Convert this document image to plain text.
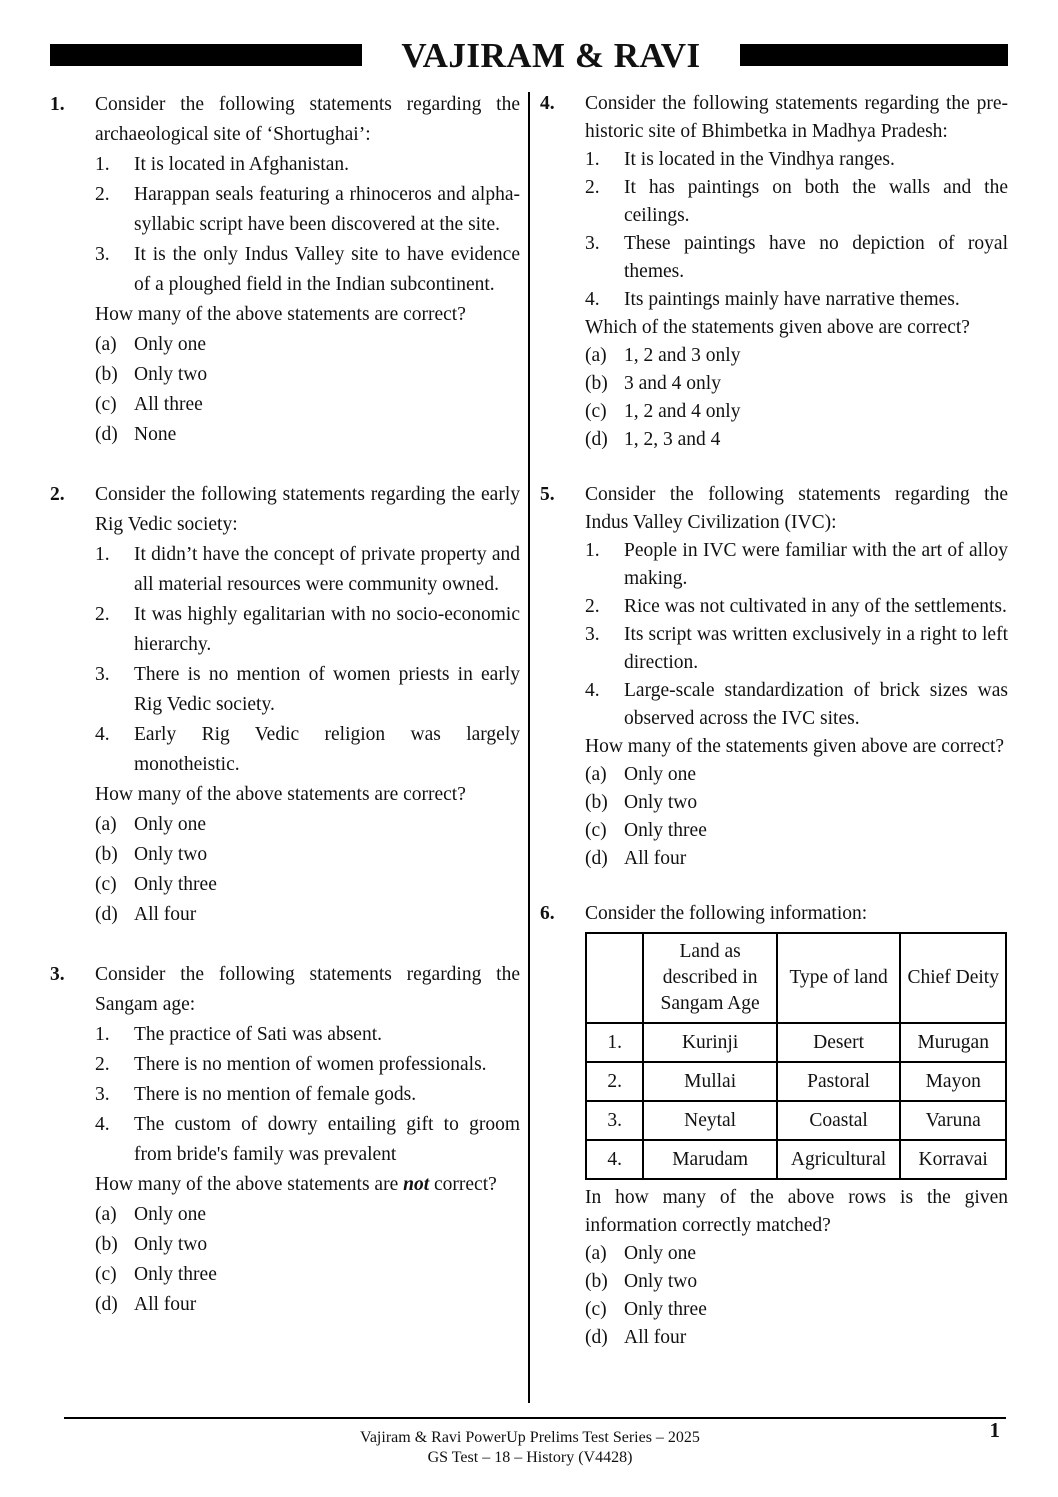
VAJIRAM & RAVI
1.	Consider the following statements regarding the archaeological site of ‘Shortughai’:
1.	It is located in Afghanistan.
2.	Harappan seals featuring a rhinoceros and alpha-syllabic script have been discovered at the site.
3.	It is the only Indus Valley site to have evidence of a ploughed field in the Indian subcontinent.
How many of the above statements are correct?
(a) Only one
(b) Only two
(c) All three
(d) None
2.	Consider the following statements regarding the early Rig Vedic society:
1.	It didn’t have the concept of private property and all material resources were community owned.
2.	It was highly egalitarian with no socio-economic hierarchy.
3.	There is no mention of women priests in early Rig Vedic society.
4.	Early Rig Vedic religion was largely monotheistic.
How many of the above statements are correct?
(a) Only one
(b) Only two
(c) Only three
(d) All four
3.	Consider the following statements regarding the Sangam age:
1.	The practice of Sati was absent.
2.	There is no mention of women professionals.
3.	There is no mention of female gods.
4.	The custom of dowry entailing gift to groom from bride's family was prevalent
How many of the above statements are not correct?
(a) Only one
(b) Only two
(c) Only three
(d) All four
4.	Consider the following statements regarding the pre-historic site of Bhimbetka in Madhya Pradesh:
1.	It is located in the Vindhya ranges.
2.	It has paintings on both the walls and the ceilings.
3.	These paintings have no depiction of royal themes.
4.	Its paintings mainly have narrative themes.
Which of the statements given above are correct?
(a) 1, 2 and 3 only
(b) 3 and 4 only
(c) 1, 2 and 4 only
(d) 1, 2, 3 and 4
5.	Consider the following statements regarding the Indus Valley Civilization (IVC):
1.	People in IVC were familiar with the art of alloy making.
2.	Rice was not cultivated in any of the settlements.
3.	Its script was written exclusively in a right to left direction.
4.	Large-scale standardization of brick sizes was observed across the IVC sites.
How many of the statements given above are correct?
(a) Only one
(b) Only two
(c) Only three
(d) All four
6.	Consider the following information:
	Land as described in Sangam Age	Type of land	Chief Deity
1.	Kurinji	Desert	Murugan
2.	Mullai	Pastoral	Mayon
3.	Neytal	Coastal	Varuna
4.	Marudam	Agricultural	Korravai
In how many of the above rows is the given information correctly matched?
(a) Only one
(b) Only two
(c) Only three
(d) All four
Vajiram & Ravi PowerUp Prelims Test Series – 2025
GS Test – 18 – History (V4428)
1
